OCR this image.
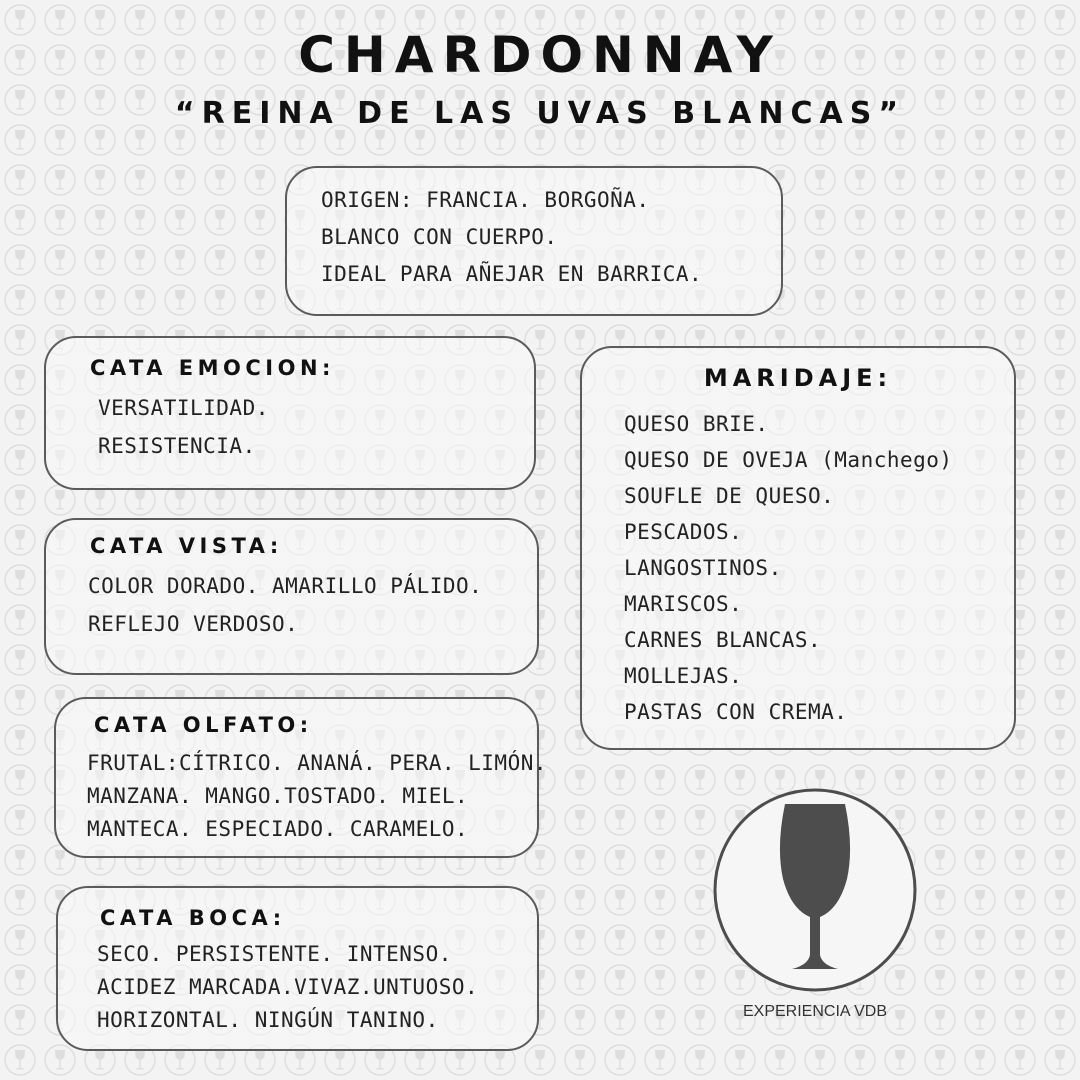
CHARDONNAY
“REINA DE LAS UVAS BLANCAS”
ORIGEN: FRANCIA. BORGOÑA.
BLANCO CON CUERPO.
IDEAL PARA AÑEJAR EN BARRICA.
CATA EMOCION:
VERSATILIDAD.
RESISTENCIA.
CATA VISTA:
COLOR DORADO. AMARILLO PÁLIDO.
REFLEJO VERDOSO.
CATA OLFATO:
FRUTAL:CÍTRICO. ANANÁ. PERA. LIMÓN.
MANZANA. MANGO.TOSTADO. MIEL.
MANTECA. ESPECIADO. CARAMELO.
CATA BOCA:
SECO. PERSISTENTE. INTENSO.
ACIDEZ MARCADA.VIVAZ.UNTUOSO.
HORIZONTAL. NINGÚN TANINO.
MARIDAJE:
QUESO BRIE.
QUESO DE OVEJA (Manchego)
SOUFLE DE QUESO.
PESCADOS.
LANGOSTINOS.
MARISCOS.
CARNES BLANCAS.
MOLLEJAS.
PASTAS CON CREMA.
EXPERIENCIA VDB
